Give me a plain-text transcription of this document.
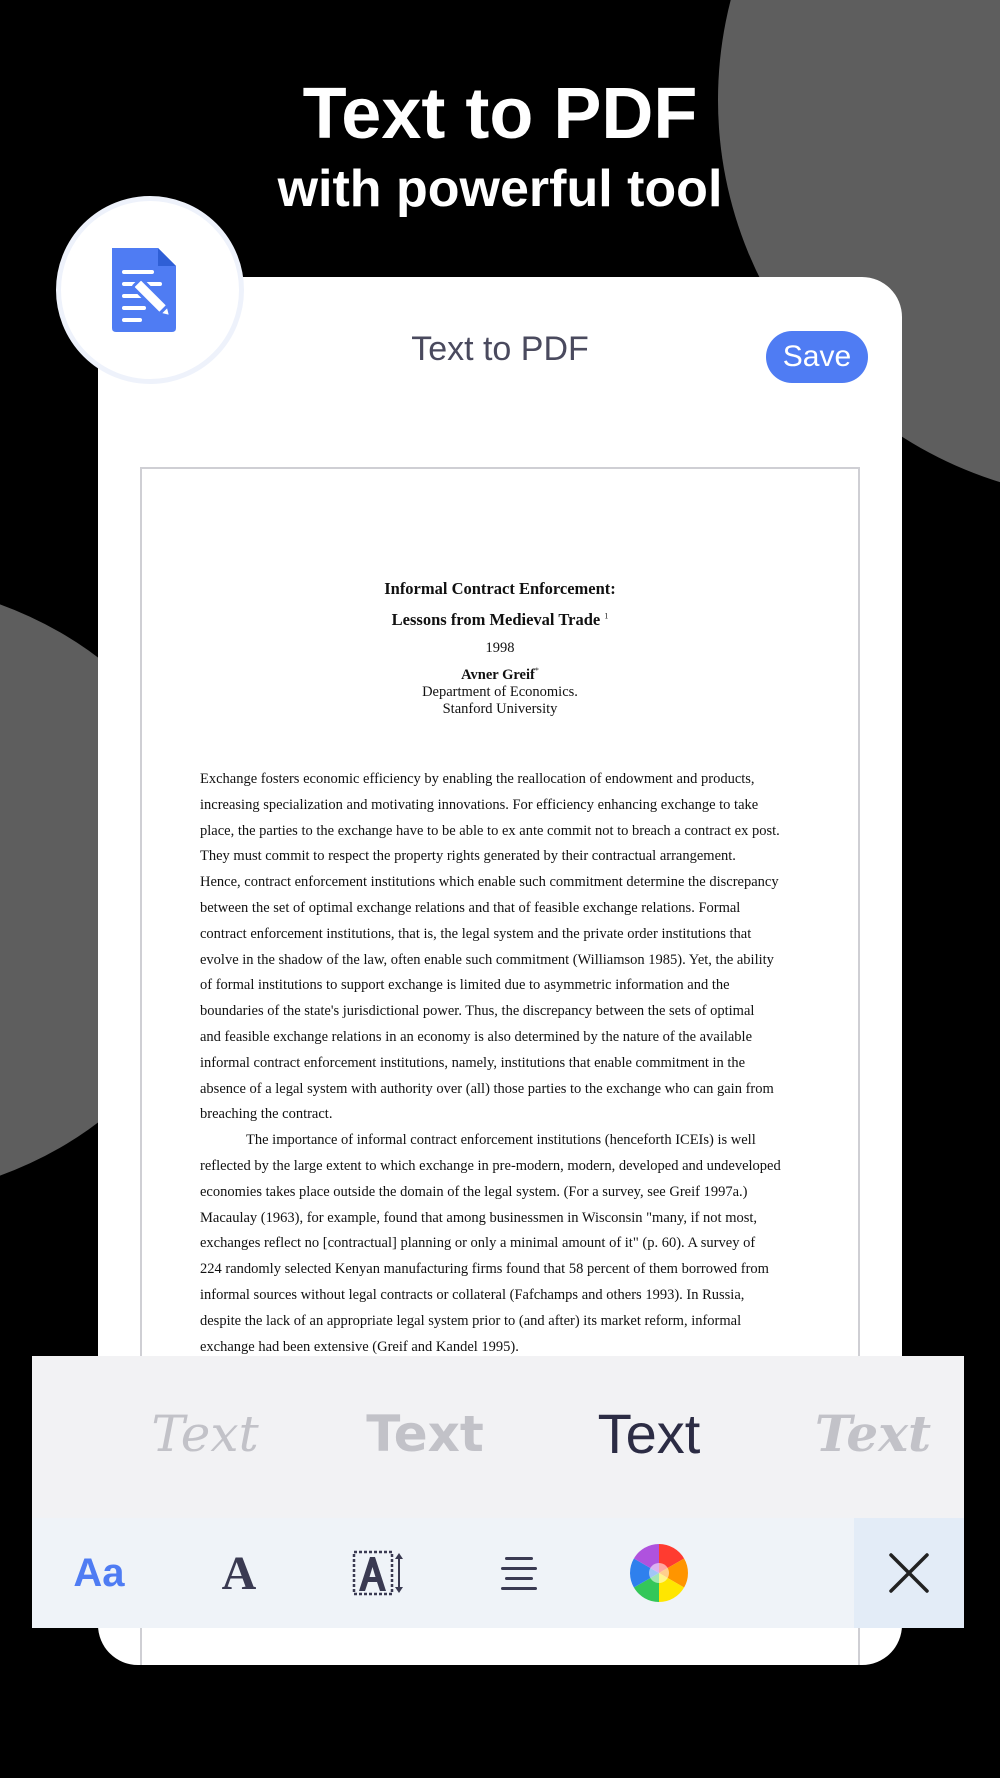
Text to PDF
with powerful tool
Text to PDF	Save
Informal Contract Enforcement:
Lessons from Medieval Trade $^1$
1998
Avner Greif*
Department of Economics.
Stanford University
Exchange fosters economic efficiency by enabling the reallocation of endowment and products,
increasing specialization and motivating innovations. For efficiency enhancing exchange to take
place, the parties to the exchange have to be able to ex ante commit not to breach a contract ex post.
They must commit to respect the property rights generated by their contractual arrangement.
Hence, contract enforcement institutions which enable such commitment determine the discrepancy
between the set of optimal exchange relations and that of feasible exchange relations. Formal
contract enforcement institutions, that is, the legal system and the private order institutions that
evolve in the shadow of the law, often enable such commitment (Williamson 1985). Yet, the ability
of formal institutions to support exchange is limited due to asymmetric information and the
boundaries of the state's jurisdictional power. Thus, the discrepancy between the sets of optimal
and feasible exchange relations in an economy is also determined by the nature of the available
informal contract enforcement institutions, namely, institutions that enable commitment in the
absence of a legal system with authority over (all) those parties to the exchange who can gain from
breaching the contract.
The importance of informal contract enforcement institutions (henceforth ICEIs) is well
reflected by the large extent to which exchange in pre-modern, modern, developed and undeveloped
economies takes place outside the domain of the legal system. (For a survey, see Greif 1997a.)
Macaulay (1963), for example, found that among businessmen in Wisconsin "many, if not most,
exchanges reflect no [contractual] planning or only a minimal amount of it" (p. 60). A survey of
224 randomly selected Kenyan manufacturing firms found that 58 percent of them borrowed from
informal sources without legal contracts or collateral (Fafchamps and others 1993). In Russia,
despite the lack of an appropriate legal system prior to (and after) its market reform, informal
exchange had been extensive (Greif and Kandel 1995).
Text	Text	Text	Text
Aa	A
